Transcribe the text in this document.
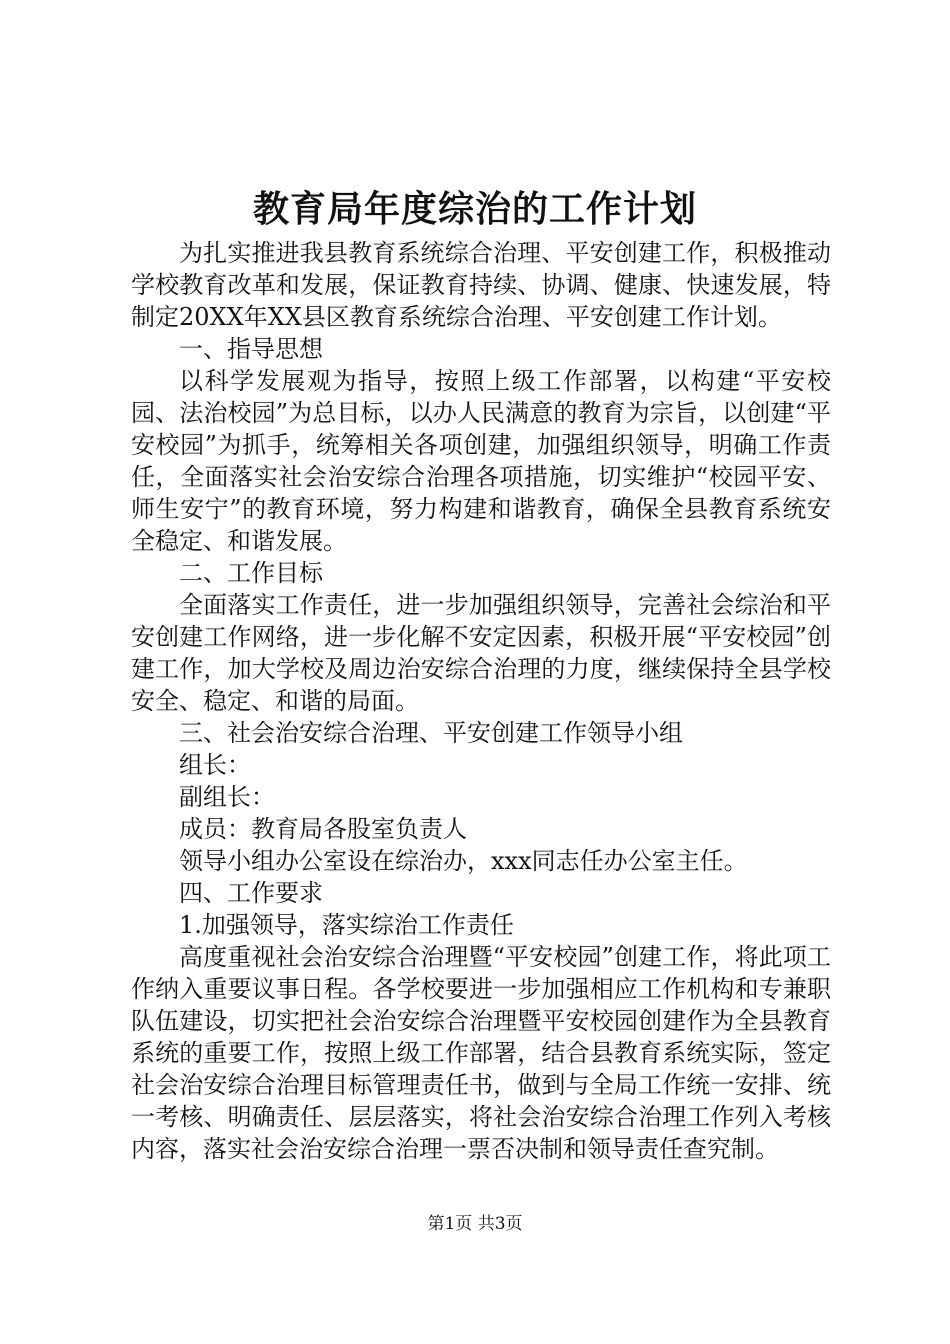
教育局年度综治的工作计划

为扎实推进我县教育系统综合治理、平安创建工作，积极推动学校教育改革和发展，保证教育持续、协调、健康、快速发展，特制定20XX年XX县区教育系统综合治理、平安创建工作计划。

一、指导思想

以科学发展观为指导，按照上级工作部署，以构建“平安校园、法治校园”为总目标，以办人民满意的教育为宗旨，以创建“平安校园”为抓手，统筹相关各项创建，加强组织领导，明确工作责任，全面落实社会治安综合治理各项措施，切实维护“校园平安、师生安宁”的教育环境，努力构建和谐教育，确保全县教育系统安全稳定、和谐发展。

二、工作目标

全面落实工作责任，进一步加强组织领导，完善社会综治和平安创建工作网络，进一步化解不安定因素，积极开展“平安校园”创建工作，加大学校及周边治安综合治理的力度，继续保持全县学校安全、稳定、和谐的局面。

三、社会治安综合治理、平安创建工作领导小组

组长：

副组长：

成员：教育局各股室负责人

领导小组办公室设在综治办，xxx同志任办公室主任。

四、工作要求

1.加强领导，落实综治工作责任

高度重视社会治安综合治理暨“平安校园”创建工作，将此项工作纳入重要议事日程。各学校要进一步加强相应工作机构和专兼职队伍建设，切实把社会治安综合治理暨平安校园创建作为全县教育系统的重要工作，按照上级工作部署，结合县教育系统实际，签定社会治安综合治理目标管理责任书，做到与全局工作统一安排、统一考核、明确责任、层层落实，将社会治安综合治理工作列入考核内容，落实社会治安综合治理一票否决制和领导责任查究制。

第1页 共3页
